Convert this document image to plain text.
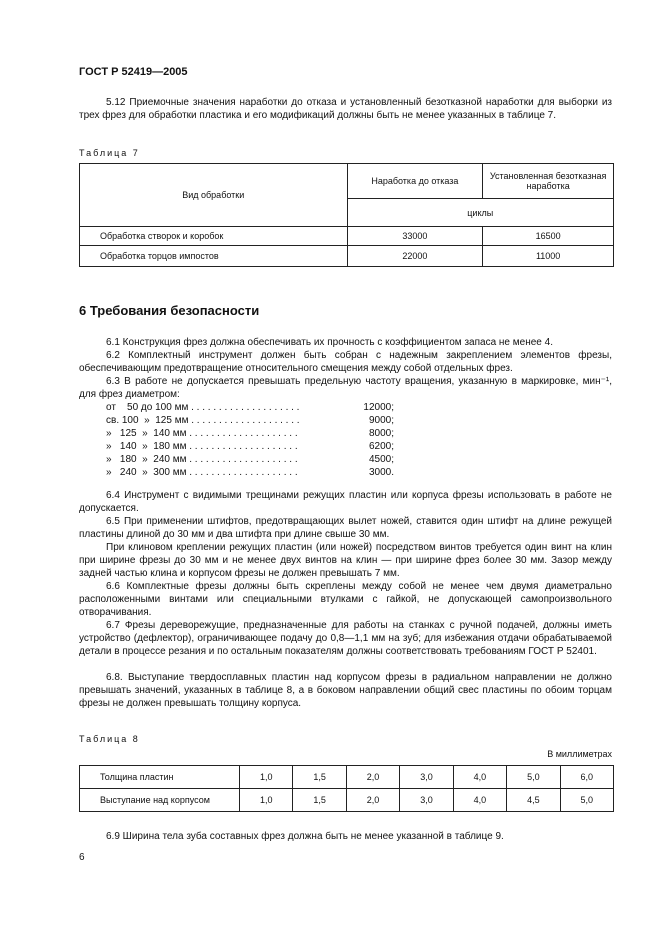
ГОСТ Р 52419—2005
5.12 Приемочные значения наработки до отказа и установленный безотказной наработки для выборки из трех фрез для обработки пластика и его модификаций должны быть не менее указанных в таблице 7.
Таблица 7
Вид обработки	Наработка до отказа	Установленная безотказная наработка
	циклы	
Обработка створок и коробок	33000	16500
Обработка торцов импостов	22000	11000
6 Требования безопасности
6.1 Конструкция фрез должна обеспечивать их прочность с коэффициентом запаса не менее 4.
6.2 Комплектный инструмент должен быть собран с надежным закреплением элементов фрезы, обеспечивающим предотвращение относительного смещения между собой отдельных фрез.
6.3 В работе не допускается превышать предельную частоту вращения, указанную в маркировке, мин⁻¹, для фрез диаметром:
от    50 до 100 мм . . . . . . . . . . . . . . . . . . . .	12000;
св. 100  »  125 мм . . . . . . . . . . . . . . . . . . . .	9000;
»   125  »  140 мм . . . . . . . . . . . . . . . . . . . .	8000;
»   140  »  180 мм . . . . . . . . . . . . . . . . . . . .	6200;
»   180  »  240 мм . . . . . . . . . . . . . . . . . . . .	4500;
»   240  »  300 мм . . . . . . . . . . . . . . . . . . . .	3000.
6.4 Инструмент с видимыми трещинами режущих пластин или корпуса фрезы использовать в работе не допускается.
6.5 При применении штифтов, предотвращающих вылет ножей, ставится один штифт на длине режущей пластины длиной до 30 мм и два штифта при длине свыше 30 мм.
При клиновом креплении режущих пластин (или ножей) посредством винтов требуется один винт на клин при ширине фрезы до 30 мм и не менее двух винтов на клин — при ширине фрез более 30 мм. Зазор между задней частью клина и корпусом фрезы не должен превышать 7 мм.
6.6 Комплектные фрезы должны быть скреплены между собой не менее чем двумя диаметрально расположенными винтами или специальными втулками с гайкой, не допускающей самопроизвольного отворачивания.
6.7 Фрезы дереворежущие, предназначенные для работы на станках с ручной подачей, должны иметь устройство (дефлектор), ограничивающее подачу до 0,8—1,1 мм на зуб; для избежания отдачи обрабатываемой детали в процессе резания и по остальным показателям должны соответствовать требованиям ГОСТ Р 52401.
6.8. Выступание твердосплавных пластин над корпусом фрезы в радиальном направлении не должно превышать значений, указанных в таблице 8, а в боковом направлении общий свес пластины по обоим торцам фрезы не должен превышать толщину корпуса.
Таблица 8
В миллиметрах
Толщина пластин	1,0	1,5	2,0	3,0	4,0	5,0	6,0
Выступание над корпусом	1,0	1,5	2,0	3,0	4,0	4,5	5,0
6.9 Ширина тела зуба составных фрез должна быть не менее указанной в таблице 9.
6
